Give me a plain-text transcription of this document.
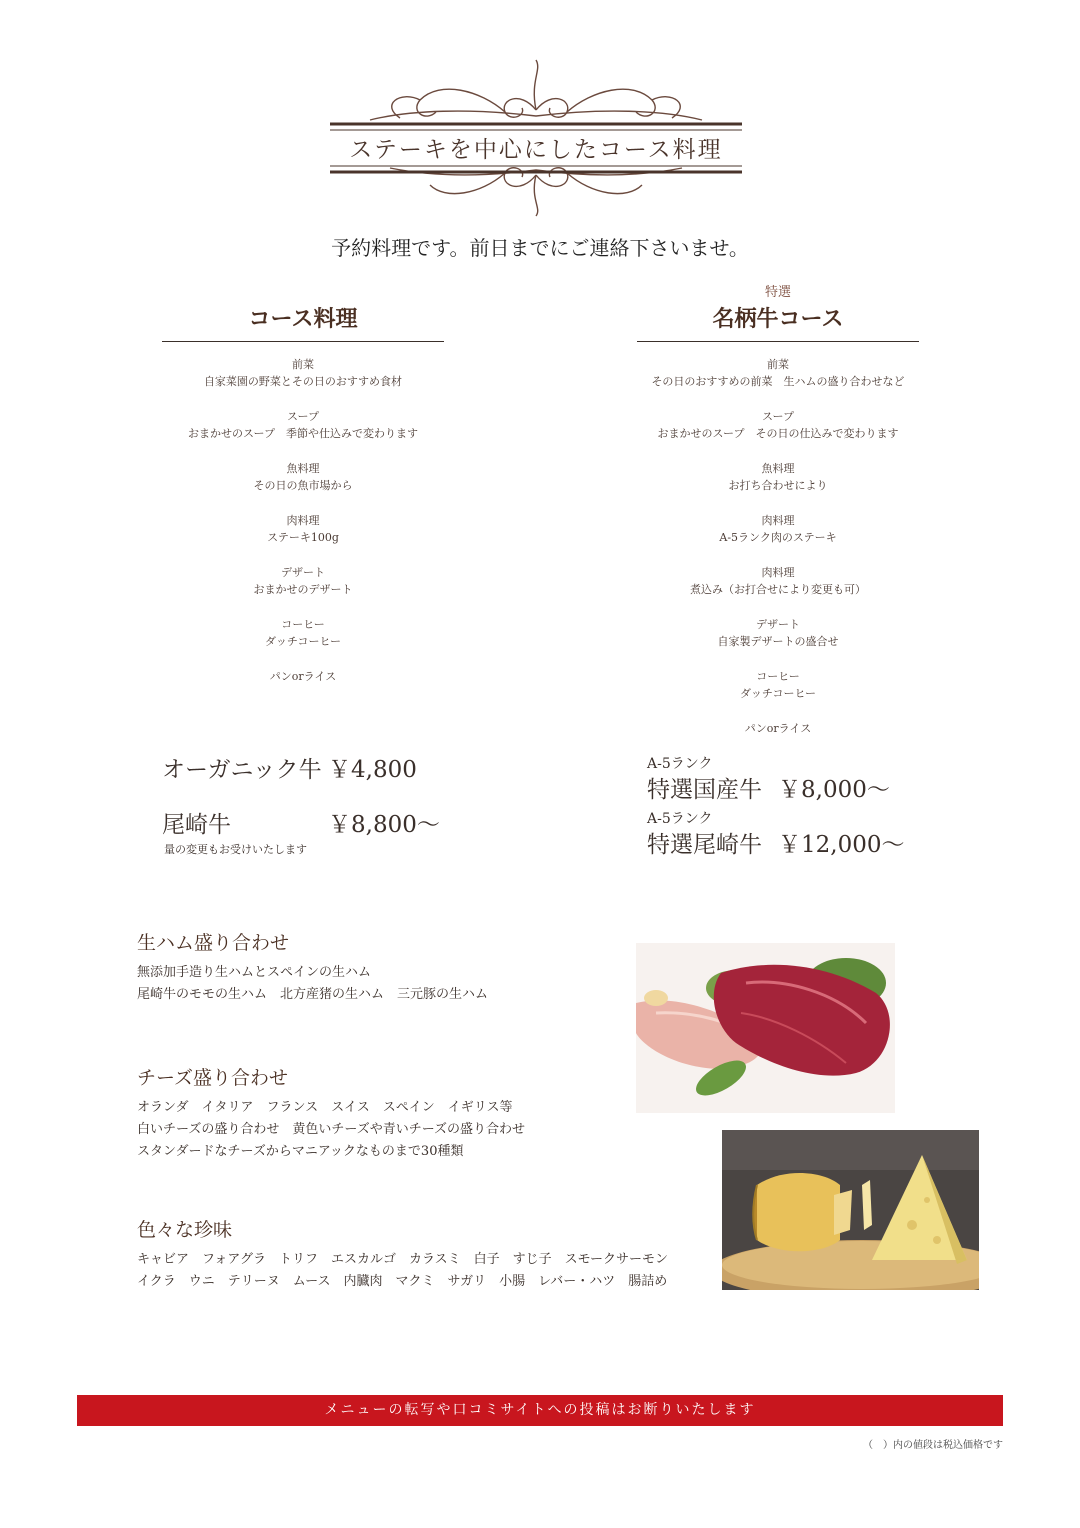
ステーキを中心にしたコース料理
予約料理です。前日までにご連絡下さいませ。
コース料理
前菜
自家菜園の野菜とその日のおすすめ食材
スープ
おまかせのスープ　季節や仕込みで変わります
魚料理
その日の魚市場から
肉料理
ステーキ100g
デザート
おまかせのデザート
コーヒー
ダッチコーヒー
パンorライス
特選
名柄牛コース
前菜
その日のおすすめの前菜　生ハムの盛り合わせなど
スープ
おまかせのスープ　その日の仕込みで変わります
魚料理
お打ち合わせにより
肉料理
A-5ランク肉のステーキ
肉料理
煮込み（お打合せにより変更も可）
デザート
自家製デザートの盛合せ
コーヒー
ダッチコーヒー
パンorライス
オーガニック牛 ￥4,800
尾崎牛	￥8,800～
量の変更もお受けいたします
A-5ランク
特選国産牛 ￥8,000～
A-5ランク
特選尾崎牛 ￥12,000～
生ハム盛り合わせ
無添加手造り生ハムとスペインの生ハム
尾崎牛のモモの生ハム　北方産猪の生ハム　三元豚の生ハム
チーズ盛り合わせ
オランダ　イタリア　フランス　スイス　スペイン　イギリス等
白いチーズの盛り合わせ　黄色いチーズや青いチーズの盛り合わせ
スタンダードなチーズからマニアックなものまで30種類
色々な珍味
キャビア　フォアグラ　トリフ　エスカルゴ　カラスミ　白子　すじ子　スモークサーモン
イクラ　ウニ　テリーヌ　ムース　内臓肉　マクミ　サガリ　小腸　レバー・ハツ　腸詰め
メニューの転写や口コミサイトへの投稿はお断りいたします
（　）内の値段は税込価格です
